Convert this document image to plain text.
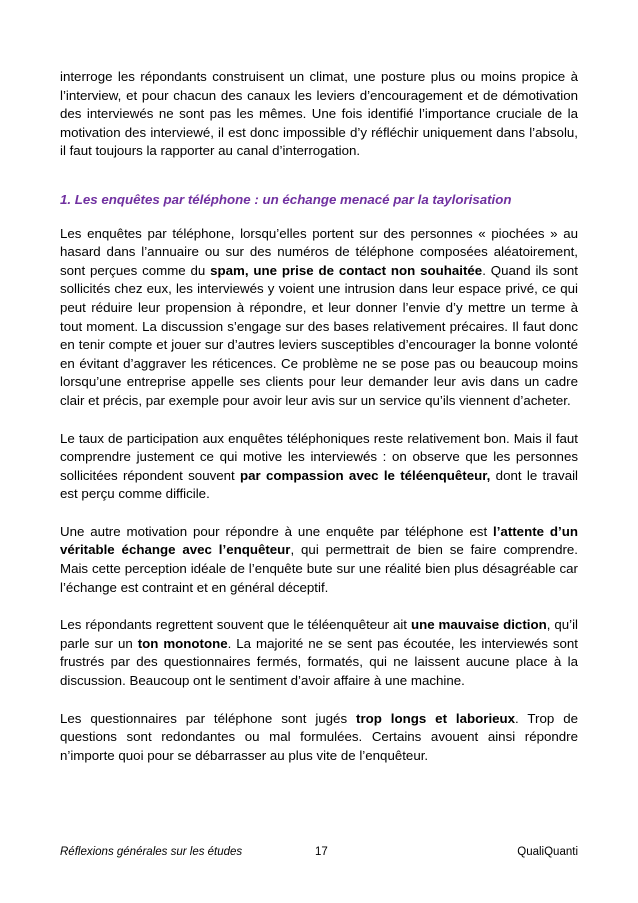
interroge les répondants construisent un climat, une posture plus ou moins propice à l’interview, et pour chacun des canaux les leviers d’encouragement et de démotivation des interviewés ne sont pas les mêmes. Une fois identifié l’importance cruciale de la motivation des interviewé, il est donc impossible d’y réfléchir uniquement dans l’absolu, il faut toujours la rapporter au canal d’interrogation.

1. Les enquêtes par téléphone : un échange menacé par la taylorisation

Les enquêtes par téléphone, lorsqu’elles portent sur des personnes « piochées » au hasard dans l’annuaire ou sur des numéros de téléphone composées aléatoirement, sont perçues comme du spam, une prise de contact non souhaitée. Quand ils sont sollicités chez eux, les interviewés y voient une intrusion dans leur espace privé, ce qui peut réduire leur propension à répondre, et leur donner l’envie d’y mettre un terme à tout moment. La discussion s’engage sur des bases relativement précaires. Il faut donc en tenir compte et jouer sur d’autres leviers susceptibles d’encourager la bonne volonté en évitant d’aggraver les réticences. Ce problème ne se pose pas ou beaucoup moins lorsqu’une entreprise appelle ses clients pour leur demander leur avis dans un cadre clair et précis, par exemple pour avoir leur avis sur un service qu’ils viennent d’acheter.

Le taux de participation aux enquêtes téléphoniques reste relativement bon. Mais il faut comprendre justement ce qui motive les interviewés : on observe que les personnes sollicitées répondent souvent par compassion avec le téléenquêteur, dont le travail est perçu comme difficile.

Une autre motivation pour répondre à une enquête par téléphone est l’attente d’un véritable échange avec l’enquêteur, qui permettrait de bien se faire comprendre. Mais cette perception idéale de l’enquête bute sur une réalité bien plus désagréable car l’échange est contraint et en général déceptif.

Les répondants regrettent souvent que le téléenquêteur ait une mauvaise diction, qu’il parle sur un ton monotone. La majorité ne se sent pas écoutée, les interviewés sont frustrés par des questionnaires fermés, formatés, qui ne laissent aucune place à la discussion. Beaucoup ont le sentiment d’avoir affaire à une machine.

Les questionnaires par téléphone sont jugés trop longs et laborieux. Trop de questions sont redondantes ou mal formulées. Certains avouent ainsi répondre n’importe quoi pour se débarrasser au plus vite de l’enquêteur.

Réflexions générales sur les études	17	QualiQuanti
